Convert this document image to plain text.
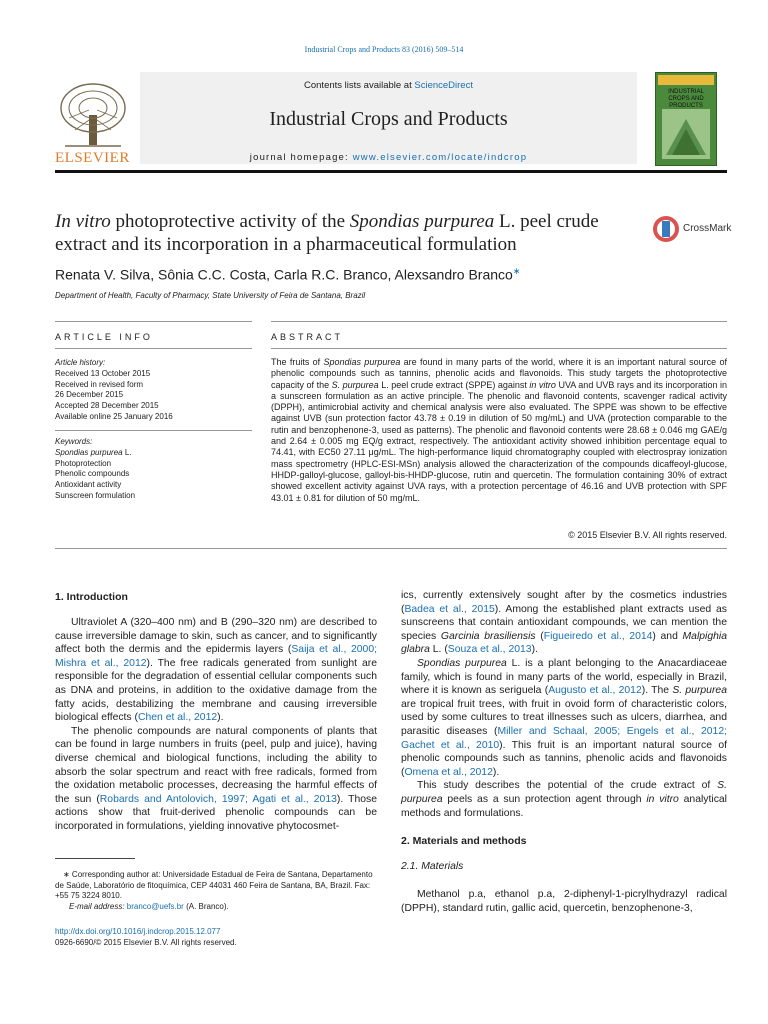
Industrial Crops and Products 83 (2016) 509–514
Contents lists available at ScienceDirect
Industrial Crops and Products
journal homepage: www.elsevier.com/locate/indcrop
ELSEVIER
INDUSTRIAL CROPS AND PRODUCTS
In vitro photoprotective activity of the Spondias purpurea L. peel crude
extract and its incorporation in a pharmaceutical formulation
CrossMark
Renata V. Silva, Sônia C.C. Costa, Carla R.C. Branco, Alexsandro Branco∗
Department of Health, Faculty of Pharmacy, State University of Feira de Santana, Brazil
ARTICLE INFO	ABSTRACT
Article history:
Received 13 October 2015
Received in revised form
26 December 2015
Accepted 28 December 2015
Available online 25 January 2016
Keywords:
Spondias purpurea L.
Photoprotection
Phenolic compounds
Antioxidant activity
Sunscreen formulation
The fruits of Spondias purpurea are found in many parts of the world, where it is an important natural source of phenolic compounds such as tannins, phenolic acids and flavonoids. This study targets the photoprotective capacity of the S. purpurea L. peel crude extract (SPPE) against in vitro UVA and UVB rays and its incorporation in a sunscreen formulation as an active principle. The phenolic and flavonoid contents, scavenger radical activity (DPPH), antimicrobial activity and chemical analysis were also evaluated. The SPPE was shown to be effective against UVB (sun protection factor 43.78 ± 0.19 in dilution of 50 mg/mL) and UVA (protection comparable to the rutin and benzophenone-3, used as patterns). The phenolic and flavonoid contents were 28.68 ± 0.046 mg GAE/g and 2.64 ± 0.005 mg EQ/g extract, respectively. The antioxidant activity showed inhibition percentage equal to 74.41, with EC50 27.11 μg/mL. The high-performance liquid chromatography coupled with electrospray ionization mass spectrometry (HPLC-ESI-MSn) analysis allowed the characterization of the compounds dicaffeoyl-glucose, HHDP-galloyl-glucose, galloyl-bis-HHDP-glucose, rutin and quercetin. The formulation containing 30% of extract showed excellent activity against UVA rays, with a protection percentage of 46.16 and UVB protection with SPF 43.01 ± 0.81 for dilution of 50 mg/mL.
© 2015 Elsevier B.V. All rights reserved.
1. Introduction

Ultraviolet A (320–400 nm) and B (290–320 nm) are described to cause irreversible damage to skin, such as cancer, and to significantly affect both the dermis and the epidermis layers (Saija et al., 2000; Mishra et al., 2012). The free radicals generated from sunlight are responsible for the degradation of essential cellular components such as DNA and proteins, in addition to the oxidative damage from the fatty acids, destabilizing the membrane and causing irreversible biological effects (Chen et al., 2012).

The phenolic compounds are natural components of plants that can be found in large numbers in fruits (peel, pulp and juice), having diverse chemical and biological functions, including the ability to absorb the solar spectrum and react with free radicals, formed from the oxidation metabolic processes, decreasing the harmful effects of the sun (Robards and Antolovich, 1997; Agati et al., 2013). Those actions show that fruit-derived phenolic compounds can be incorporated in formulations, yielding innovative phytocosmet-

ics, currently extensively sought after by the cosmetics industries (Badea et al., 2015). Among the established plant extracts used as sunscreens that contain antioxidant compounds, we can mention the species Garcinia brasiliensis (Figueiredo et al., 2014) and Malpighia glabra L. (Souza et al., 2013).

Spondias purpurea L. is a plant belonging to the Anacardiaceae family, which is found in many parts of the world, especially in Brazil, where it is known as seriguela (Augusto et al., 2012). The S. purpurea are tropical fruit trees, with fruit in ovoid form of characteristic colors, used by some cultures to treat illnesses such as ulcers, diarrhea, and parasitic diseases (Miller and Schaal, 2005; Engels et al., 2012; Gachet et al., 2010). This fruit is an important natural source of phenolic compounds such as tannins, phenolic acids and flavonoids (Omena et al., 2012).

This study describes the potential of the crude extract of S. purpurea peels as a sun protection agent through in vitro analytical methods and formulations.

2. Materials and methods
2.1. Materials

Methanol p.a, ethanol p.a, 2-diphenyl-1-picrylhydrazyl radical (DPPH), standard rutin, gallic acid, quercetin, benzophenone-3,

∗ Corresponding author at: Universidade Estadual de Feira de Santana, Departamento de Saúde, Laboratório de fitoquímica, CEP 44031 460 Feira de Santana, BA, Brazil. Fax: +55 75 3224 8010.
E-mail address: branco@uefs.br (A. Branco).
http://dx.doi.org/10.1016/j.indcrop.2015.12.077
0926-6690/© 2015 Elsevier B.V. All rights reserved.
